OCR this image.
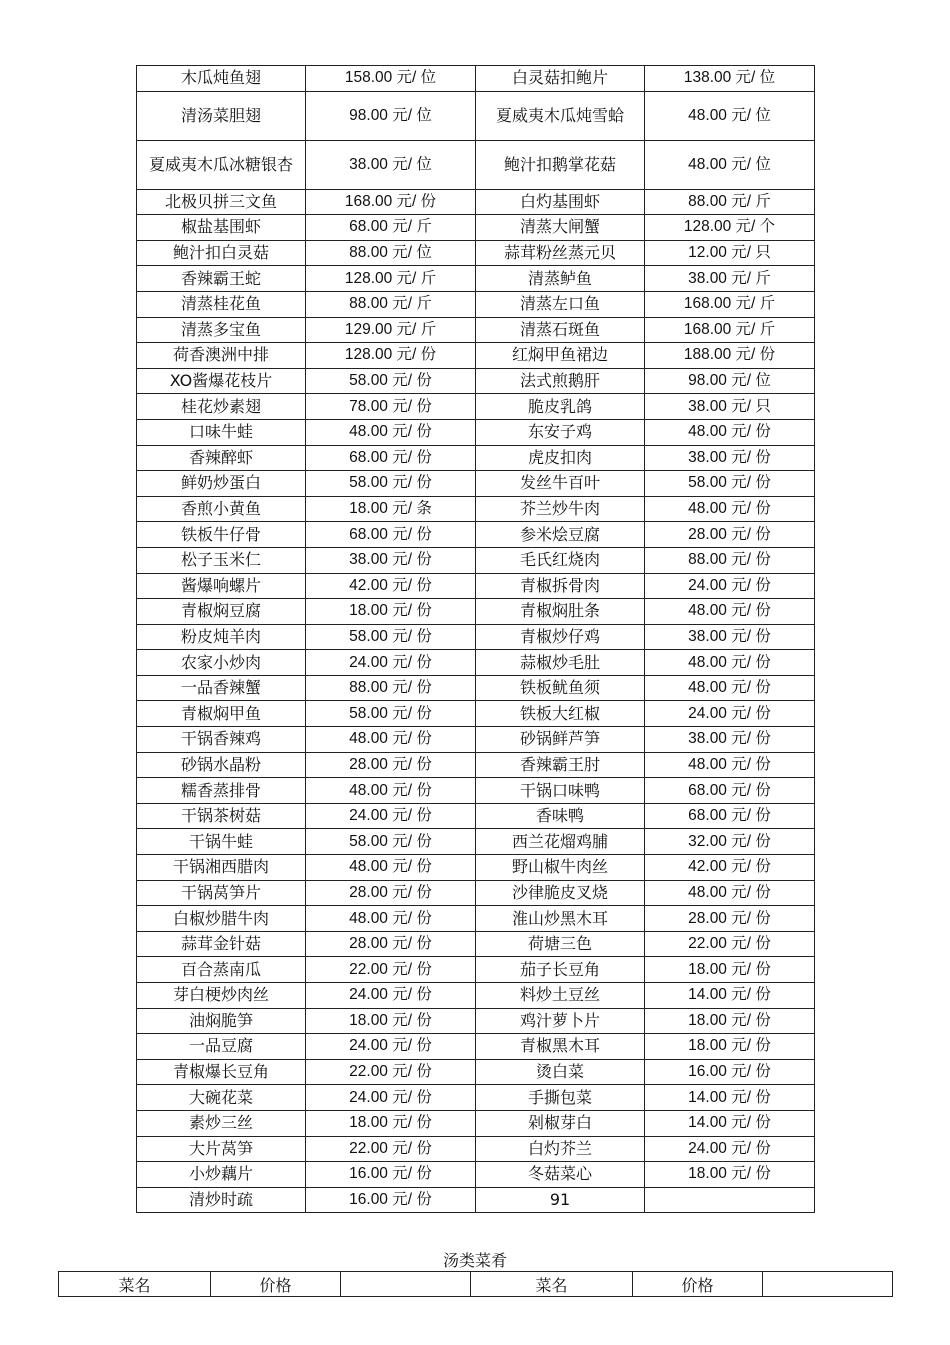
木瓜炖鱼翅	158.00 元/ 位	白灵菇扣鲍片	138.00 元/ 位
清汤菜胆翅	98.00 元/ 位	夏威夷木瓜炖雪蛤	48.00 元/ 位
夏威夷木瓜冰糖银杏	38.00 元/ 位	鲍汁扣鹅掌花菇	48.00 元/ 位
北极贝拼三文鱼	168.00 元/ 份	白灼基围虾	88.00 元/ 斤
椒盐基围虾	68.00 元/ 斤	清蒸大闸蟹	128.00 元/ 个
鲍汁扣白灵菇	88.00 元/ 位	蒜茸粉丝蒸元贝	12.00 元/ 只
香辣霸王蛇	128.00 元/ 斤	清蒸鲈鱼	38.00 元/ 斤
清蒸桂花鱼	88.00 元/ 斤	清蒸左口鱼	168.00 元/ 斤
清蒸多宝鱼	129.00 元/ 斤	清蒸石斑鱼	168.00 元/ 斤
荷香澳洲中排	128.00 元/ 份	红焖甲鱼裙边	188.00 元/ 份
XO酱爆花枝片	58.00 元/ 份	法式煎鹅肝	98.00 元/ 位
桂花炒素翅	78.00 元/ 份	脆皮乳鸽	38.00 元/ 只
口味牛蛙	48.00 元/ 份	东安子鸡	48.00 元/ 份
香辣醉虾	68.00 元/ 份	虎皮扣肉	38.00 元/ 份
鲜奶炒蛋白	58.00 元/ 份	发丝牛百叶	58.00 元/ 份
香煎小黄鱼	18.00 元/ 条	芥兰炒牛肉	48.00 元/ 份
铁板牛仔骨	68.00 元/ 份	参米烩豆腐	28.00 元/ 份
松子玉米仁	38.00 元/ 份	毛氏红烧肉	88.00 元/ 份
酱爆响螺片	42.00 元/ 份	青椒拆骨肉	24.00 元/ 份
青椒焖豆腐	18.00 元/ 份	青椒焖肚条	48.00 元/ 份
粉皮炖羊肉	58.00 元/ 份	青椒炒仔鸡	38.00 元/ 份
农家小炒肉	24.00 元/ 份	蒜椒炒毛肚	48.00 元/ 份
一品香辣蟹	88.00 元/ 份	铁板鱿鱼须	48.00 元/ 份
青椒焖甲鱼	58.00 元/ 份	铁板大红椒	24.00 元/ 份
干锅香辣鸡	48.00 元/ 份	砂锅鲜芦笋	38.00 元/ 份
砂锅水晶粉	28.00 元/ 份	香辣霸王肘	48.00 元/ 份
糯香蒸排骨	48.00 元/ 份	干锅口味鸭	68.00 元/ 份
干锅茶树菇	24.00 元/ 份	香味鸭	68.00 元/ 份
干锅牛蛙	58.00 元/ 份	西兰花熘鸡脯	32.00 元/ 份
干锅湘西腊肉	48.00 元/ 份	野山椒牛肉丝	42.00 元/ 份
干锅莴笋片	28.00 元/ 份	沙律脆皮叉烧	48.00 元/ 份
白椒炒腊牛肉	48.00 元/ 份	淮山炒黑木耳	28.00 元/ 份
蒜茸金针菇	28.00 元/ 份	荷塘三色	22.00 元/ 份
百合蒸南瓜	22.00 元/ 份	茄子长豆角	18.00 元/ 份
芽白梗炒肉丝	24.00 元/ 份	料炒土豆丝	14.00 元/ 份
油焖脆笋	18.00 元/ 份	鸡汁萝卜片	18.00 元/ 份
一品豆腐	24.00 元/ 份	青椒黑木耳	18.00 元/ 份
青椒爆长豆角	22.00 元/ 份	烫白菜	16.00 元/ 份
大碗花菜	24.00 元/ 份	手撕包菜	14.00 元/ 份
素炒三丝	18.00 元/ 份	剁椒芽白	14.00 元/ 份
大片莴笋	22.00 元/ 份	白灼芥兰	24.00 元/ 份
小炒藕片	16.00 元/ 份	冬菇菜心	18.00 元/ 份
清炒时疏	16.00 元/ 份	91	
汤类菜肴
菜名	价格		菜名	价格	
